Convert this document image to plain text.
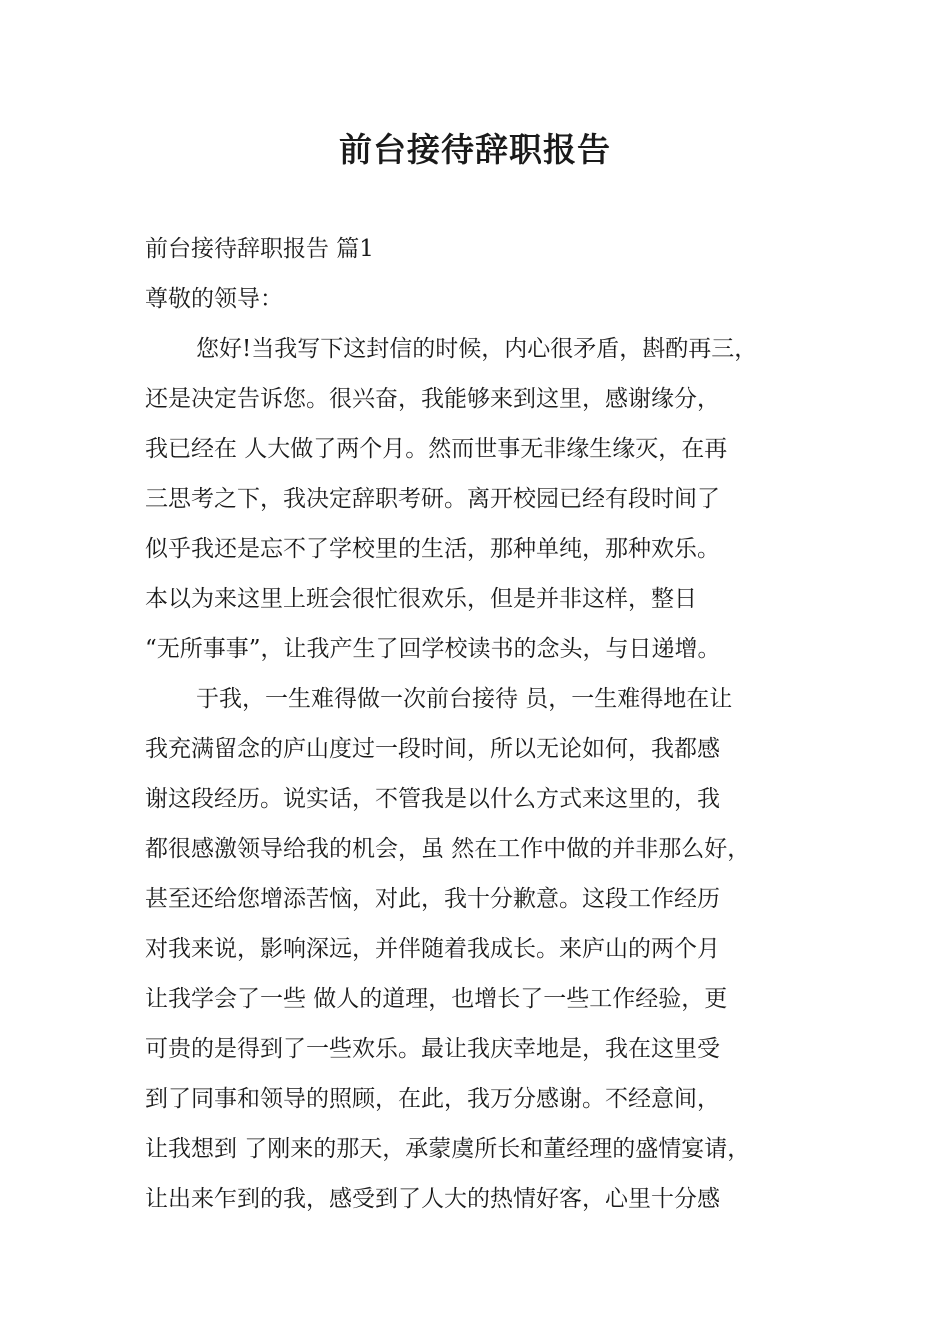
前台接待辞职报告

前台接待辞职报告 篇1

尊敬的领导：

您好!当我写下这封信的时候，内心很矛盾，斟酌再三，

还是决定告诉您。很兴奋，我能够来到这里，感谢缘分，

我已经在 人大做了两个月。然而世事无非缘生缘灭，在再

三思考之下，我决定辞职考研。离开校园已经有段时间了

似乎我还是忘不了学校里的生活，那种单纯，那种欢乐。

本以为来这里上班会很忙很欢乐，但是并非这样，整日

“无所事事”，让我产生了回学校读书的念头，与日递增。

于我，一生难得做一次前台接待 员，一生难得地在让

我充满留念的庐山度过一段时间，所以无论如何，我都感

谢这段经历。说实话，不管我是以什么方式来这里的，我

都很感激领导给我的机会，虽 然在工作中做的并非那么好，

甚至还给您增添苦恼，对此，我十分歉意。这段工作经历

对我来说，影响深远，并伴随着我成长。来庐山的两个月

让我学会了一些 做人的道理，也增长了一些工作经验，更

可贵的是得到了一些欢乐。最让我庆幸地是，我在这里受

到了同事和领导的照顾，在此，我万分感谢。不经意间，

让我想到 了刚来的那天，承蒙虞所长和董经理的盛情宴请，

让出来乍到的我，感受到了人大的热情好客，心里十分感
